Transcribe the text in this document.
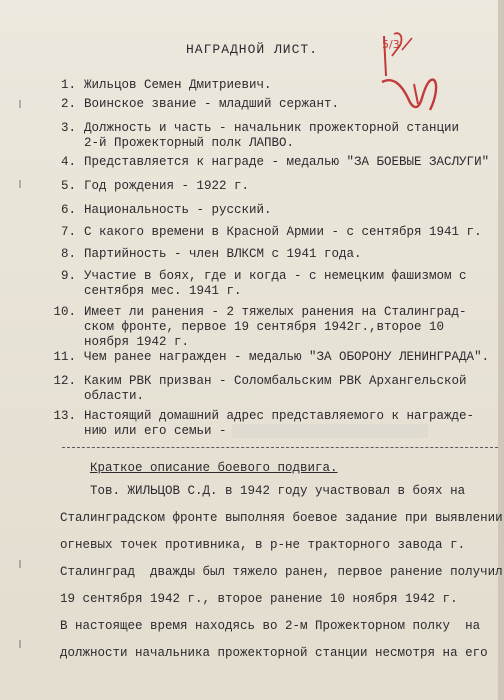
НАГРАДНОЙ ЛИСТ.	5/3
1. Жильцов Семен Дмитриевич.
2. Воинское звание - младший сержант.
3. Должность и часть - начальник прожекторной станции
2-й Прожекторный полк ЛАПВО.
4. Представляется к награде - медалью "ЗА БОЕВЫЕ ЗАСЛУГИ"
5. Год рождения - 1922 г.
6. Национальность - русский.
7. С какого времени в Красной Армии - с сентября 1941 г.
8. Партийность - член ВЛКСМ с 1941 года.
9. Участие в боях, где и когда - с немецким фашизмом с
сентября мес. 1941 г.
10. Имеет ли ранения - 2 тяжелых ранения на Сталинград-
ском фронте, первое 19 сентября 1942г.,второе 10
ноября 1942 г.
11. Чем ранее награжден - медалью "ЗА ОБОРОНУ ЛЕНИНГРАДА".
12. Каким РВК призван - Соломбальским РВК Архангельской
области.
13. Настоящий домашний адрес представляемого к награжде-
нию или его семьи -
Краткое описание боевого подвига.
Тов. ЖИЛЬЦОВ С.Д. в 1942 году участвовал в боях на
Сталинградском фронте выполняя боевое задание при выявлении
огневых точек противника, в р-не тракторного завода г.
Сталинград  дважды был тяжело ранен, первое ранение получил
19 сентября 1942 г., второе ранение 10 ноября 1942 г.
В настоящее время находясь во 2-м Прожекторном полку  на
должности начальника прожекторной станции несмотря на его
